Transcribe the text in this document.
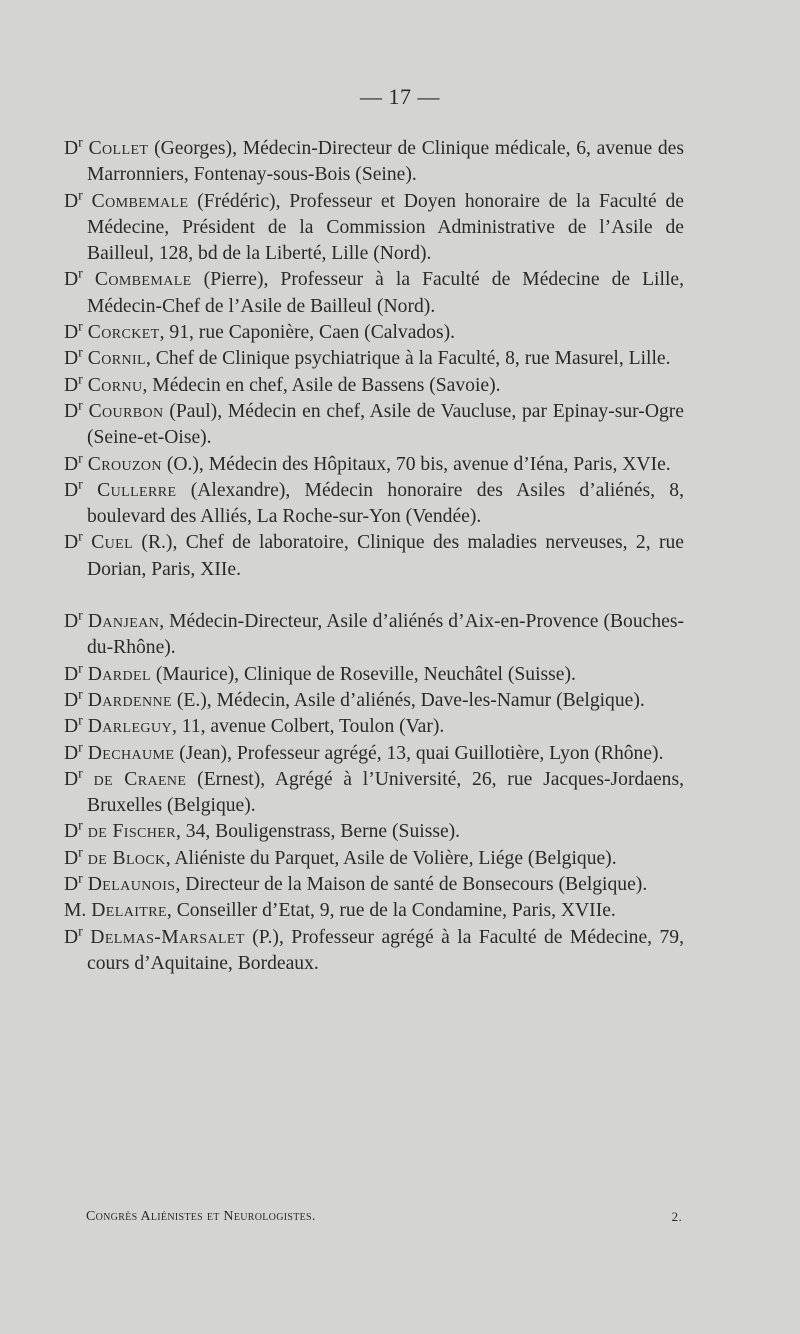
— 17 —
$D^r$ Collet (Georges), Médecin-Directeur de Clinique médicale, 6, avenue des Marronniers, Fontenay-sous-Bois (Seine).
$D^r$ Combemale (Frédéric), Professeur et Doyen honoraire de la Faculté de Médecine, Président de la Commission Administrative de l’Asile de Bailleul, 128, bd de la Liberté, Lille (Nord).
$D^r$ Combemale (Pierre), Professeur à la Faculté de Médecine de Lille, Médecin-Chef de l’Asile de Bailleul (Nord).
$D^r$ Corcket, 91, rue Caponière, Caen (Calvados).
$D^r$ Cornil, Chef de Clinique psychiatrique à la Faculté, 8, rue Masurel, Lille.
$D^r$ Cornu, Médecin en chef, Asile de Bassens (Savoie).
$D^r$ Courbon (Paul), Médecin en chef, Asile de Vaucluse, par Epinay-sur-Ogre (Seine-et-Oise).
$D^r$ Crouzon (O.), Médecin des Hôpitaux, 70 bis, avenue d’Iéna, Paris, XVIe.
$D^r$ Cullerre (Alexandre), Médecin honoraire des Asiles d’aliénés, 8, boulevard des Alliés, La Roche-sur-Yon (Vendée).
$D^r$ Cuel (R.), Chef de laboratoire, Clinique des maladies nerveuses, 2, rue Dorian, Paris, XIIe.
$D^r$ Danjean, Médecin-Directeur, Asile d’aliénés d’Aix-en-Provence (Bouches-du-Rhône).
$D^r$ Dardel (Maurice), Clinique de Roseville, Neuchâtel (Suisse).
$D^r$ Dardenne (E.), Médecin, Asile d’aliénés, Dave-les-Namur (Belgique).
$D^r$ Darleguy, 11, avenue Colbert, Toulon (Var).
$D^r$ Dechaume (Jean), Professeur agrégé, 13, quai Guillotière, Lyon (Rhône).
$D^r$ de Craene (Ernest), Agrégé à l’Université, 26, rue Jacques-Jordaens, Bruxelles (Belgique).
$D^r$ de Fischer, 34, Bouligenstrass, Berne (Suisse).
$D^r$ de Block, Aliéniste du Parquet, Asile de Volière, Liége (Belgique).
$D^r$ Delaunois, Directeur de la Maison de santé de Bonsecours (Belgique).
M. Delaitre, Conseiller d’Etat, 9, rue de la Condamine, Paris, XVIIe.
$D^r$ Delmas-Marsalet (P.), Professeur agrégé à la Faculté de Médecine, 79, cours d’Aquitaine, Bordeaux.
Congrès Aliénistes et Neurologistes.	2.
